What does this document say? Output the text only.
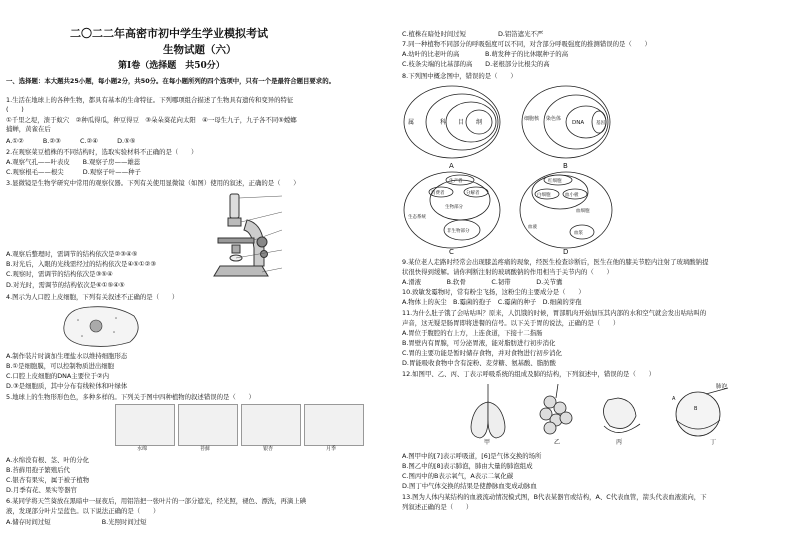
二〇二二年高密市初中学生学业模拟考试
生物试题（六）
第Ⅰ卷（选择题　共50分）
一、选择题：本大题共25小题，每小题2分，共50分。在每小题所列的四个选项中，只有一个是最符合题目要求的。
1.生活在地球上的各种生物，都具有基本的生命特征。下列哪项组合描述了生物具有遗传和变异的特征
(　　)
①千里之堤，溃于蚁穴　②种瓜得瓜，种豆得豆　③朵朵葵花向太阳　④一母生九子，九子各不同⑤螳螂
捕蝉，黄雀在后
A.①②　　　B.②③　　　C.②④　　　D.⑤⑤
2.在观察菜豆植株的不同结构时，选取实验材料不正确的是（　　）
A.观察气孔——叶表皮　　B.观察子房——雄蕊
C.观察根毛——根尖　　　D.观察子叶——种子
3.显微镜是生物学研究中常用的观察仪器。下列有关使用显微镜（如图）使用的叙述，正确的是（　　）
A.观察后整理时，需调节的结构依次是②③④⑤
B.对光后，入眼的光线需经过的结构依次是④⑤①②③
C.观察时，需调节的结构依次是③⑤④
D.对光时，需调节的结构依次是⑥①⑤④⑤
4.图示为人口腔上皮细胞，下列有关叙述不正确的是（　　）
A.制作装片时滴加生理盐水以维持细胞形态
B.①是细胞膜，可以控制物质进出细胞
C.口腔上皮细胞的DNA主要位于②内
D.③是细胞质，其中分布有线粒体和叶绿体
5.地球上的生物形形色色，多种多样的。下列关于图中四种植物的叙述错误的是（　　）
水绵	苔藓	银杏	月季
A.水绵没有根、茎、叶的分化
B.苔藓用孢子繁殖后代
C.银杏有果实，属于被子植物
D.月季有花、果实等器官
6.某同学将天竺葵放在黑暗中一昼夜后，用铝箔把一张叶片的一部分遮光，经光照，褪色、漂洗，再滴上碘
液，发现部分叶片呈蓝色。以下说法正确的是（　　）
A.储存时间过短　　　　　　　　B.光照时间过短
C.植株在暗处时间过短　　　　　D.铝箔遮光不严
7.同一种植物不同部分的呼吸强度可以不同，对含部分呼吸强度的推测错误的是（　　）
A.幼叶的比老叶的高　　　　B.萌发种子的比休眠种子的高
C.枝条尖端的比基部的高　　D.老根部分比根尖的高
8.下列图中概念图中，错误的是（　　）
属	科 目 纲
A
细胞核 染色体
DNA	基因
B
生产者
消费者	分解者
生物部分
生态系统
非生物部分
C
红细胞
白细胞	血小板
血细胞
血液
血浆
D
9.某位老人走路时经常会出现膝盖疼痛的现象，经医生检查诊断后，医生在他的膝关节腔内注射了玻璃酸钠提
状很快得到缓解。请你判断注射的玻璃酸钠的作用相当于关节内的（　　）
A.滑液　　　　B.软骨　　　　C.韧带　　　　D.关节囊
10.致敏发霉物时，常有粉尘飞扬，这粉尘的主要成分是（　　）
A.物体上的灰尘　B.霉菌的孢子　C.霉菌的种子　D.细菌的芽孢
11.为什么肚子饿了会咕咕叫？原来，人饥饿的时候，胃部肌肉开始加压其内部的水和空气就会发出咕咕叫的
声音，这无疑是肠胃即将进餐的信号。以下关于胃的说法，正确的是（　　）
A.胃位于腹腔的右上方，上连食道，下接十二指肠
B.胃壁内有胃腺，可分泌胃液，能对脂肪进行初步消化
C.胃的主要功能是暂时储存食物，并对食物进行初步消化
D.胃能吸收食物中含有淀粉、麦芽糖、氨基酸、脂肪酸
12.如图甲、乙、丙、丁表示呼吸系统的组成及肺的结构，下列叙述中，错误的是（　　）
甲	乙	丙	丁
肺泡
A
B
A.图甲中的[7]表示呼吸道，[6]是气体交换的场所
B.图乙中的[8]表示肺泡，肺由大量的肺泡组成
C.图丙中的B表示氧气，A表示二氧化碳
D.图丁中气体交换的结果是使静脉血变成动脉血
13.图为人体内某结构的血液流动情况模式图，B代表某器官或结构，A、C代表血管，箭头代表血液流向，下
列叙述正确的是（　　）
